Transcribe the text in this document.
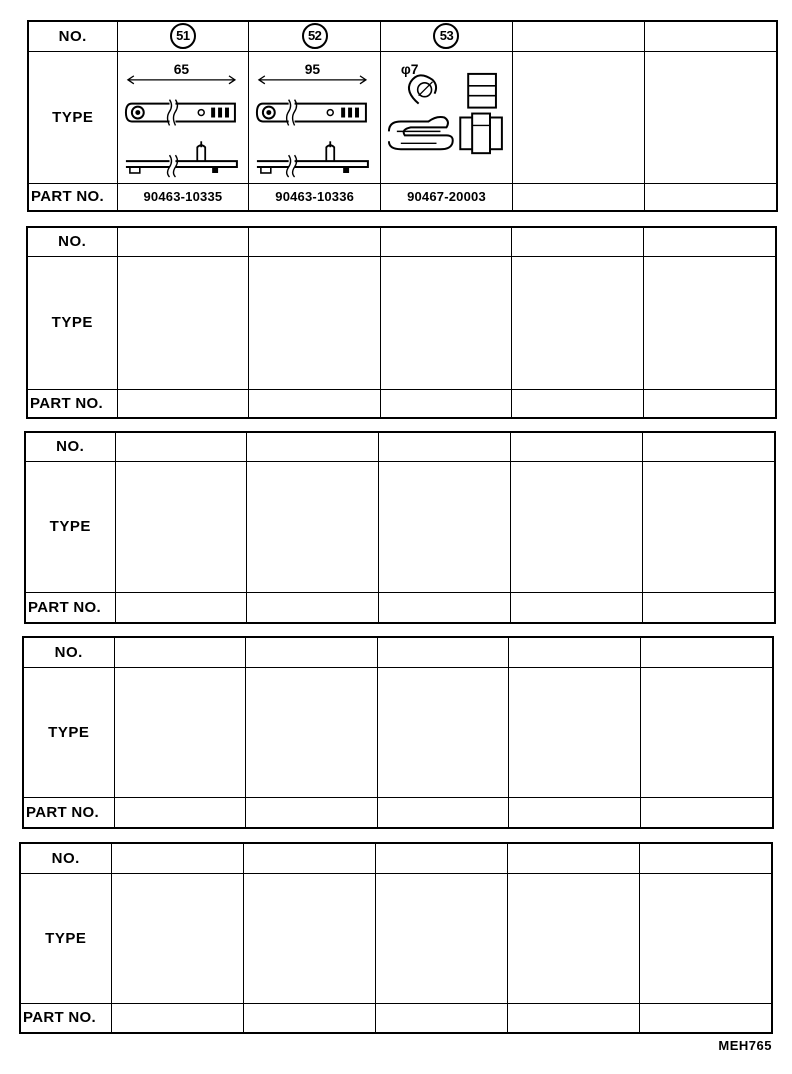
NO.	51	52	53		
TYPE	65	95	φ7		

PART NO.	90463-10335	90463-10336	90467-20003		
NO.					
TYPE					
PART NO.					
NO.					
TYPE					
PART NO.					
NO.					
TYPE					
PART NO.					
NO.					
TYPE					
PART NO.					
MEH765
